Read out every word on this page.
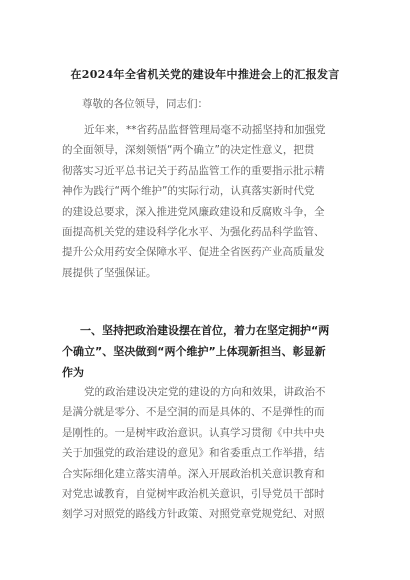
在2024年全省机关党的建设年中推进会上的汇报发言
尊敬的各位领导，同志们：
近年来，**省药品监督管理局毫不动摇坚持和加强党
的全面领导，深刻领悟“两个确立”的决定性意义，把贯
彻落实习近平总书记关于药品监管工作的重要指示批示精
神作为践行“两个维护”的实际行动，认真落实新时代党
的建设总要求，深入推进党风廉政建设和反腐败斗争，全
面提高机关党的建设科学化水平、为强化药品科学监管、
提升公众用药安全保障水平、促进全省医药产业高质量发
展提供了坚强保证。
一、坚持把政治建设摆在首位，着力在坚定拥护“两
个确立”、坚决做到“两个维护”上体现新担当、彰显新
作为
党的政治建设决定党的建设的方向和效果，讲政治不
是满分就是零分、不是空洞的而是具体的、不是弹性的而
是刚性的。一是树牢政治意识。认真学习贯彻《中共中央
关于加强党的政治建设的意见》和省委重点工作举措，结
合实际细化建立落实清单。深入开展政治机关意识教育和
对党忠诚教育，自觉树牢政治机关意识，引导党员干部时
刻学习对照党的路线方针政策、对照党章党规党纪、对照
